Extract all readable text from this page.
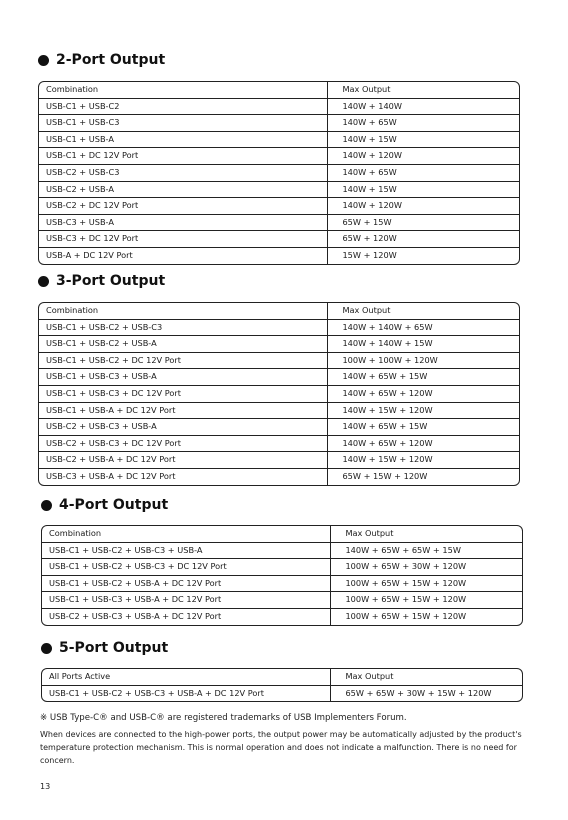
2-Port Output
Combination	Max Output
USB-C1 + USB-C2	140W + 140W
USB-C1 + USB-C3	140W + 65W
USB-C1 + USB-A	140W + 15W
USB-C1 + DC 12V Port	140W + 120W
USB-C2 + USB-C3	140W + 65W
USB-C2 + USB-A	140W + 15W
USB-C2 + DC 12V Port	140W + 120W
USB-C3 + USB-A	65W + 15W
USB-C3 + DC 12V Port	65W + 120W
USB-A + DC 12V Port	15W + 120W
3-Port Output
Combination	Max Output
USB-C1 + USB-C2 + USB-C3	140W + 140W + 65W
USB-C1 + USB-C2 + USB-A	140W + 140W + 15W
USB-C1 + USB-C2 + DC 12V Port	100W + 100W + 120W
USB-C1 + USB-C3 + USB-A	140W + 65W + 15W
USB-C1 + USB-C3 + DC 12V Port	140W + 65W + 120W
USB-C1 + USB-A + DC 12V Port	140W + 15W + 120W
USB-C2 + USB-C3 + USB-A	140W + 65W + 15W
USB-C2 + USB-C3 + DC 12V Port	140W + 65W + 120W
USB-C2 + USB-A + DC 12V Port	140W + 15W + 120W
USB-C3 + USB-A + DC 12V Port	65W + 15W + 120W
4-Port Output
Combination	Max Output
USB-C1 + USB-C2 + USB-C3 + USB-A	140W + 65W + 65W + 15W
USB-C1 + USB-C2 + USB-C3 + DC 12V Port	100W + 65W + 30W + 120W
USB-C1 + USB-C2 + USB-A + DC 12V Port	100W + 65W + 15W + 120W
USB-C1 + USB-C3 + USB-A + DC 12V Port	100W + 65W + 15W + 120W
USB-C2 + USB-C3 + USB-A + DC 12V Port	100W + 65W + 15W + 120W
5-Port Output
All Ports Active	Max Output
USB-C1 + USB-C2 + USB-C3 + USB-A + DC 12V Port	65W + 65W + 30W + 15W + 120W
※ USB Type-C® and USB-C® are registered trademarks of USB Implementers Forum.
When devices are connected to the high-power ports, the output power may be automatically adjusted by the product's temperature protection mechanism. This is normal operation and does not indicate a malfunction. There is no need for concern.
13
